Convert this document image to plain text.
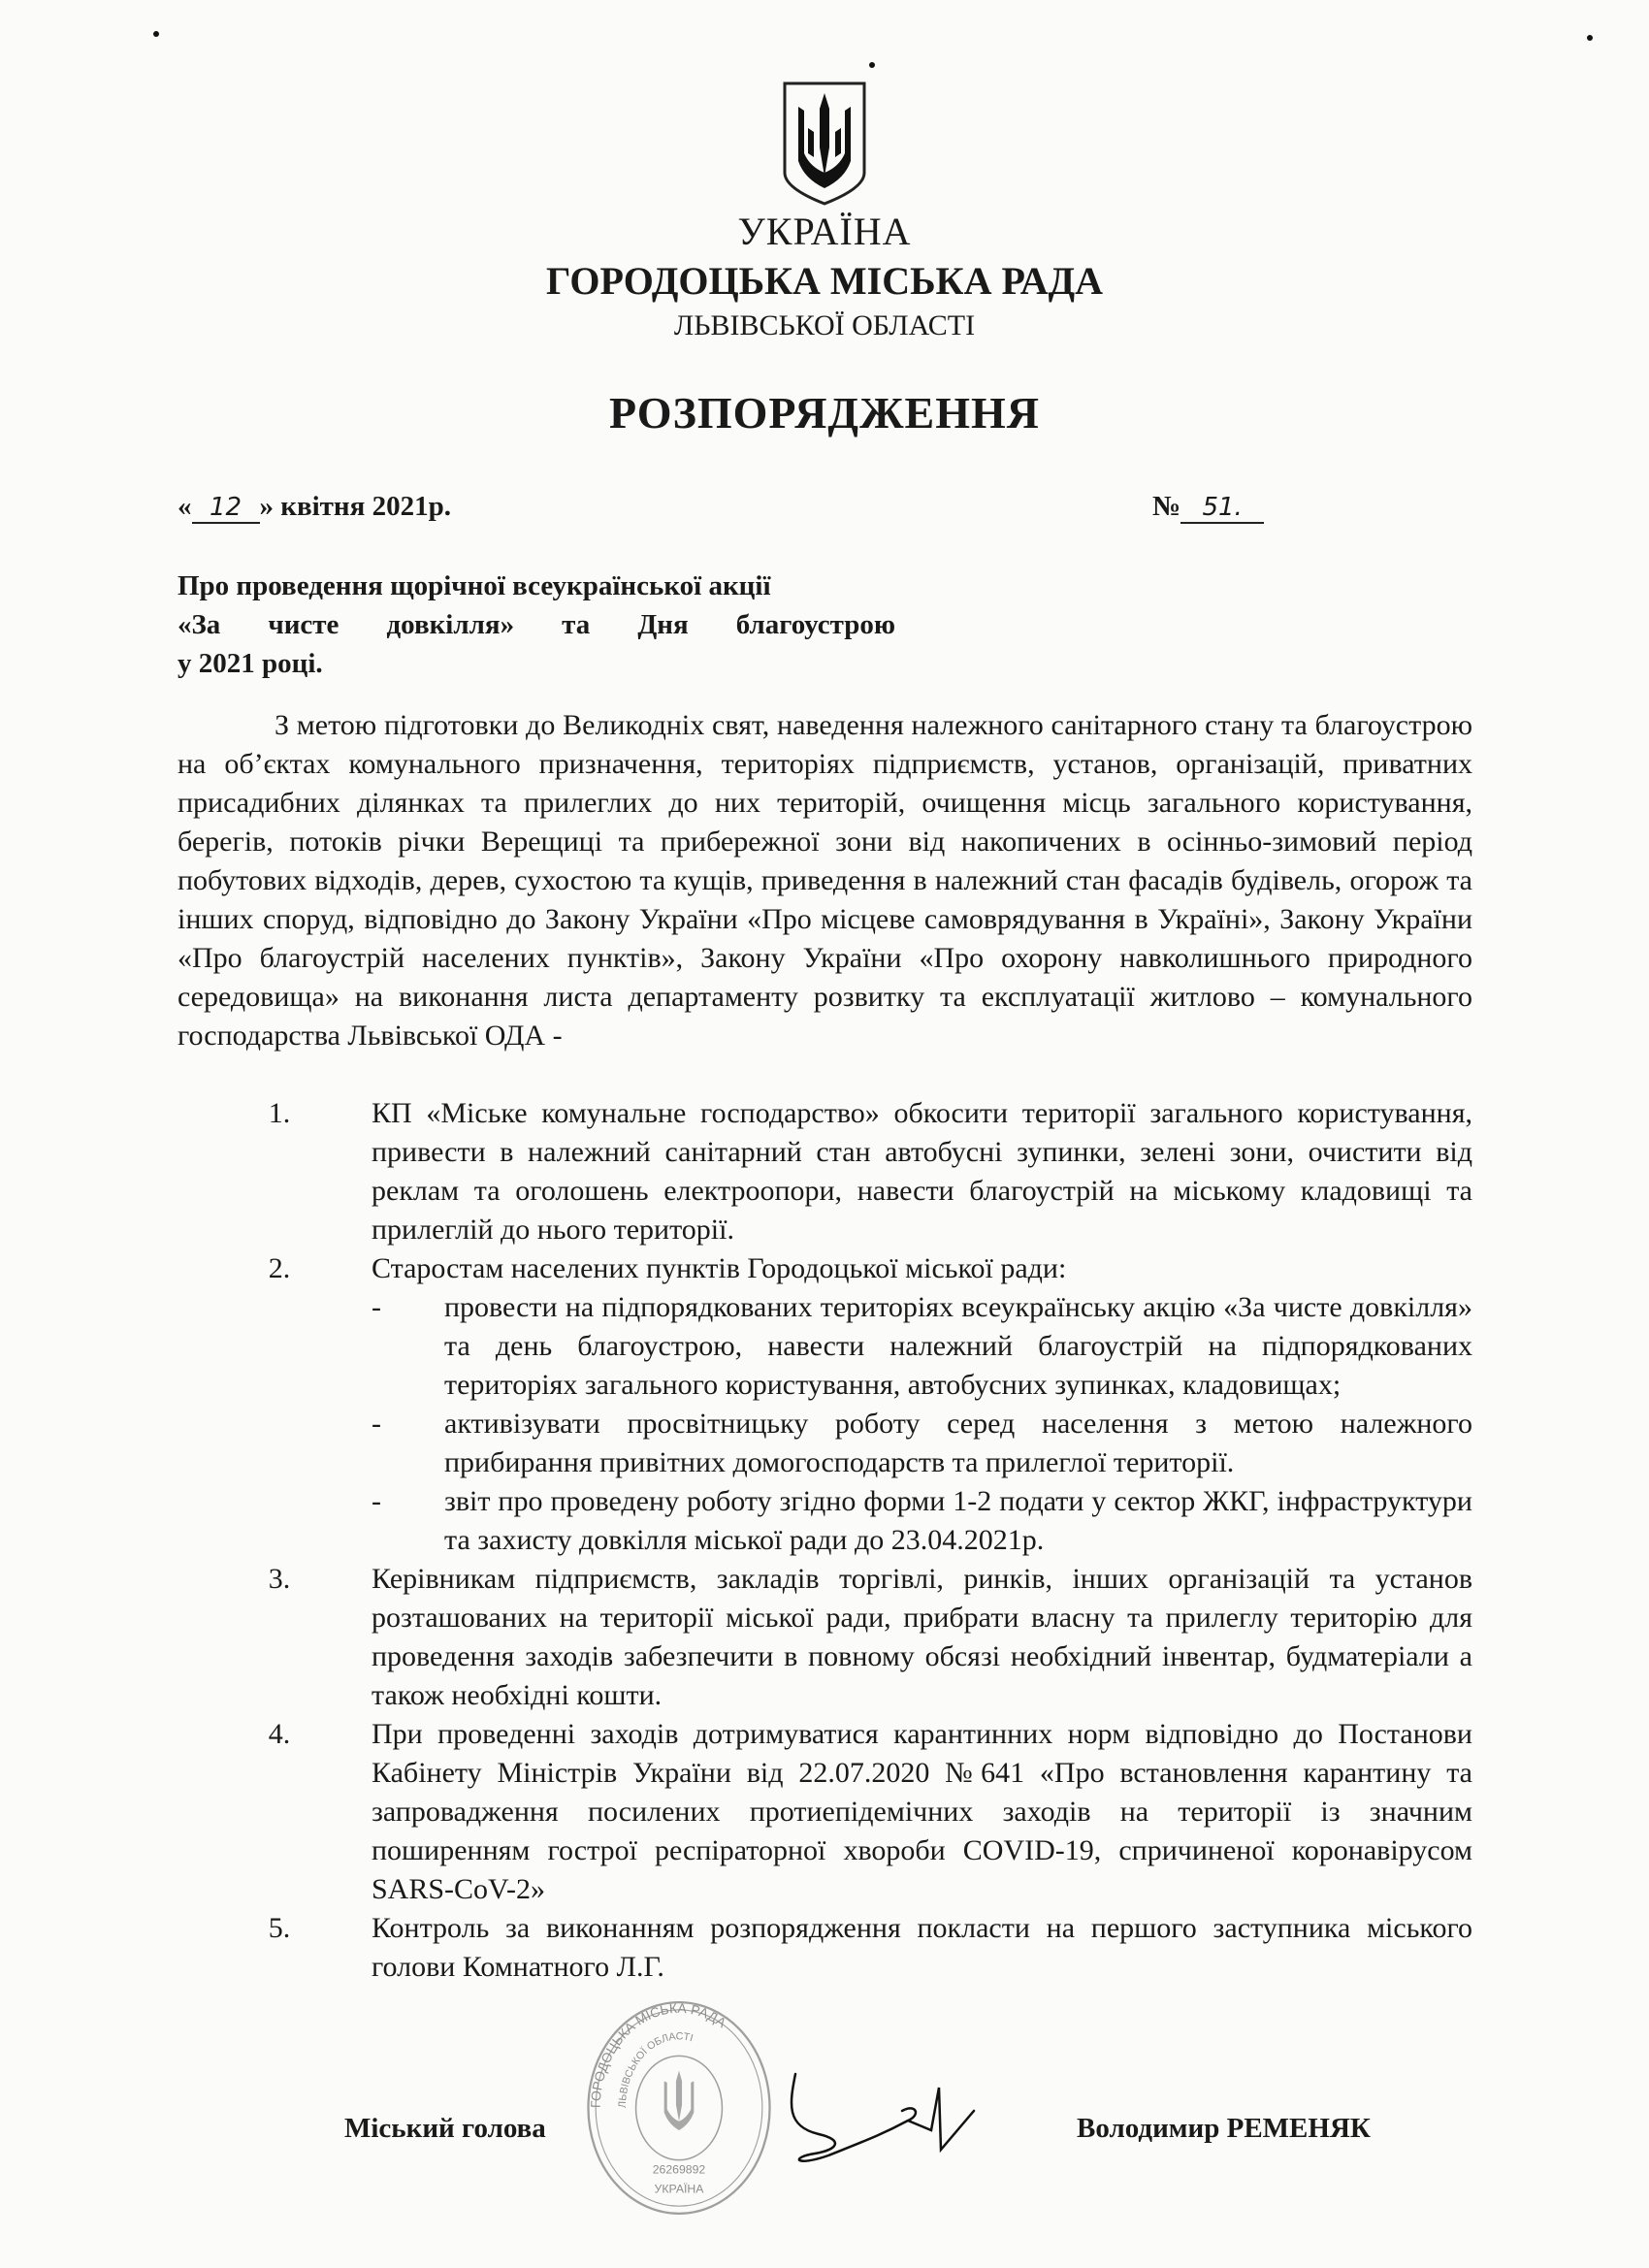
УКРАЇНА
ГОРОДОЦЬКА МІСЬКА РАДА
ЛЬВІВСЬКОЇ ОБЛАСТІ
РОЗПОРЯДЖЕННЯ
« 12 » квітня 2021р.	№ 51.
Про проведення щорічної всеукраїнської акції
«За чисте довкілля» та Дня благоустрою
у 2021 році.
З метою підготовки до Великодніх свят, наведення належного санітарного стану та благоустрою на об’єктах комунального призначення, територіях підприємств, установ, організацій, приватних присадибних ділянках та прилеглих до них територій, очищення місць загального користування, берегів, потоків річки Верещиці та прибережної зони від накопичених в осінньо-зимовий період побутових відходів, дерев, сухостою та кущів, приведення в належний стан фасадів будівель, огорож та інших споруд, відповідно до Закону України «Про місцеве самоврядування в Україні», Закону України «Про благоустрій населених пунктів», Закону України «Про охорону навколишнього природного середовища» на виконання листа департаменту розвитку та експлуатації житлово – комунального господарства Львівської ОДА -
1.	КП «Міське комунальне господарство» обкосити території загального користування, привести в належний санітарний стан автобусні зупинки, зелені зони, очистити від реклам та оголошень електроопори, навести благоустрій на міському кладовищі та прилеглій до нього території.
2.	Старостам населених пунктів Городоцької міської ради:
-	провести на підпорядкованих територіях всеукраїнську акцію «За чисте довкілля» та день благоустрою, навести належний благоустрій на підпорядкованих територіях загального користування, автобусних зупинках, кладовищах;
-	активізувати просвітницьку роботу серед населення з метою належного прибирання привітних домогосподарств та прилеглої території.
-	звіт про проведену роботу згідно форми 1-2 подати у сектор ЖКГ, інфраструктури та захисту довкілля міської ради до 23.04.2021р.
3.	Керівникам підприємств, закладів торгівлі, ринків, інших організацій та установ розташованих на території міської ради, прибрати власну та прилеглу територію для проведення заходів забезпечити в повному обсязі необхідний інвентар, будматеріали а також необхідні кошти.
4.	При проведенні заходів дотримуватися карантинних норм відповідно до Постанови Кабінету Міністрів України від 22.07.2020 №641 «Про встановлення карантину та запровадження посилених протиепідемічних заходів на території із значним поширенням гострої респіраторної хвороби COVID-19, спричиненої коронавірусом SARS-CoV-2»
5.	Контроль за виконанням розпорядження покласти на першого заступника міського голови Комнатного Л.Г.
Міський голова
ГОРОДОЦЬКА МІСЬКА РАДА
ЛЬВІВСЬКОЇ ОБЛАСТІ
26269892
УКРАЇНА
Володимир РЕМЕНЯК
